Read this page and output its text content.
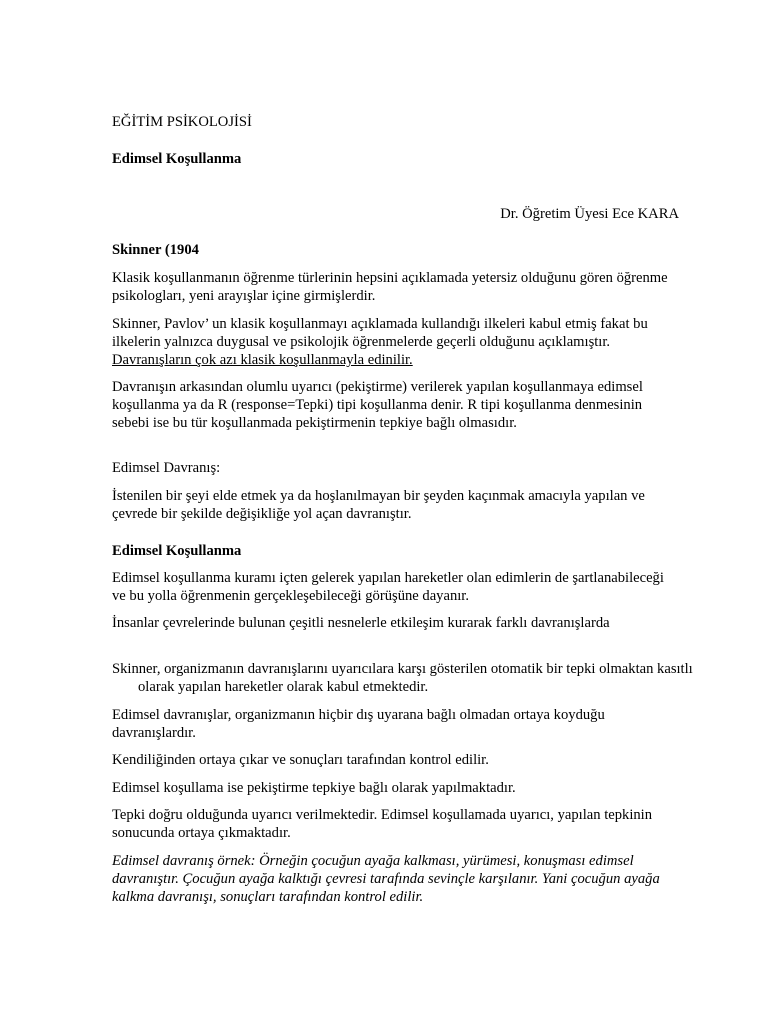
EĞİTİM PSİKOLOJİSİ

Edimsel Koşullanma

Dr. Öğretim Üyesi Ece KARA

Skinner (1904

Klasik koşullanmanın öğrenme türlerinin hepsini açıklamada yetersiz olduğunu gören öğrenme psikologları, yeni arayışlar içine girmişlerdir.

Skinner, Pavlov’ un klasik koşullanmayı açıklamada kullandığı ilkeleri kabul etmiş fakat bu ilkelerin yalnızca duygusal ve psikolojik öğrenmelerde geçerli olduğunu açıklamıştır. Davranışların çok azı klasik koşullanmayla edinilir.

Davranışın arkasından olumlu uyarıcı (pekiştirme) verilerek yapılan koşullanmaya edimsel koşullanma ya da R (response=Tepki) tipi koşullanma denir. R tipi koşullanma denmesinin sebebi ise bu tür koşullanmada pekiştirmenin tepkiye bağlı olmasıdır.

Edimsel Davranış:

İstenilen bir şeyi elde etmek ya da hoşlanılmayan bir şeyden kaçınmak amacıyla yapılan ve çevrede bir şekilde değişikliğe yol açan davranıştır.

Edimsel Koşullanma

Edimsel koşullanma kuramı içten gelerek yapılan hareketler olan edimlerin de şartlanabileceği ve bu yolla öğrenmenin gerçekleşebileceği görüşüne dayanır.

İnsanlar çevrelerinde bulunan çeşitli nesnelerle etkileşim kurarak farklı davranışlarda

Skinner, organizmanın davranışlarını uyarıcılara karşı gösterilen otomatik bir tepki olmaktan kasıtlı olarak yapılan hareketler olarak kabul etmektedir.

Edimsel davranışlar, organizmanın hiçbir dış uyarana bağlı olmadan ortaya koyduğu davranışlardır.

Kendiliğinden ortaya çıkar ve sonuçları tarafından kontrol edilir.

Edimsel koşullama ise pekiştirme tepkiye bağlı olarak yapılmaktadır.

Tepki doğru olduğunda uyarıcı verilmektedir. Edimsel koşullamada uyarıcı, yapılan tepkinin sonucunda ortaya çıkmaktadır.

Edimsel davranış örnek: Örneğin çocuğun ayağa kalkması, yürümesi, konuşması edimsel davranıştır. Çocuğun ayağa kalktığı çevresi tarafında sevinçle karşılanır. Yani çocuğun ayağa kalkma davranışı, sonuçları tarafından kontrol edilir.
